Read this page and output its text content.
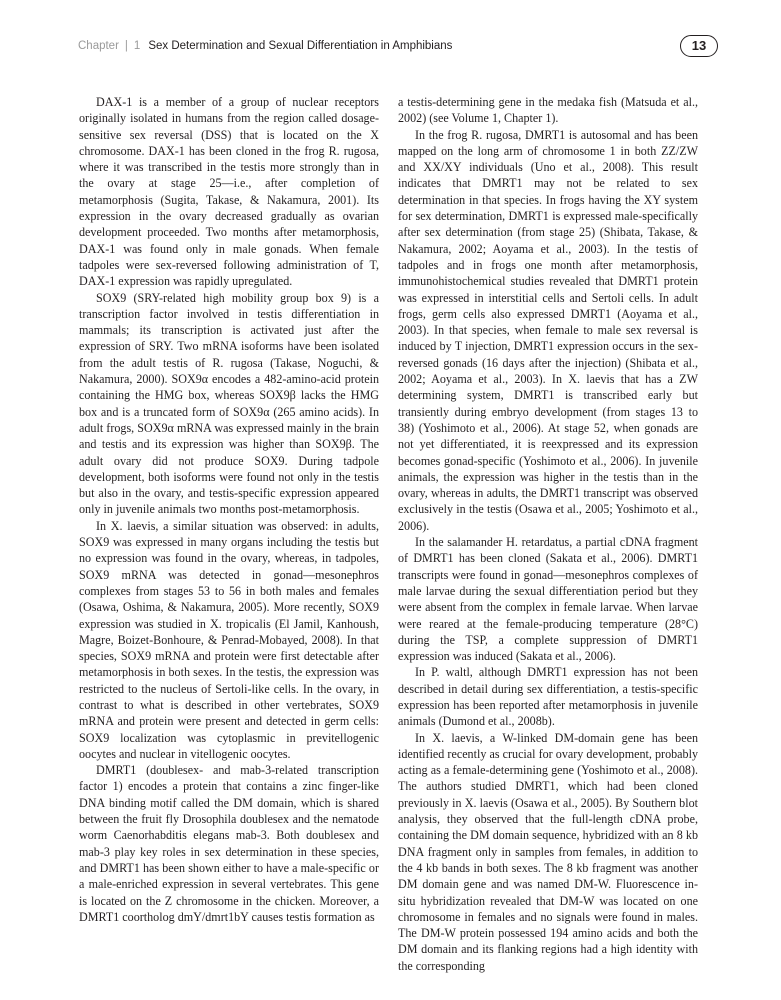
Chapter | 1 Sex Determination and Sexual Differentiation in Amphibians	13

DAX-1 is a member of a group of nuclear receptors originally isolated in humans from the region called dosage-sensitive sex reversal (DSS) that is located on the X chromosome. DAX-1 has been cloned in the frog R. rugosa, where it was transcribed in the testis more strongly than in the ovary at stage 25—i.e., after completion of metamorphosis (Sugita, Takase, & Nakamura, 2001). Its expression in the ovary decreased gradually as ovarian development proceeded. Two months after metamorphosis, DAX-1 was found only in male gonads. When female tadpoles were sex-reversed following administration of T, DAX-1 expression was rapidly upregulated.

SOX9 (SRY-related high mobility group box 9) is a transcription factor involved in testis differentiation in mammals; its transcription is activated just after the expression of SRY. Two mRNA isoforms have been isolated from the adult testis of R. rugosa (Takase, Noguchi, & Nakamura, 2000). SOX9α encodes a 482-amino-acid protein containing the HMG box, whereas SOX9β lacks the HMG box and is a truncated form of SOX9α (265 amino acids). In adult frogs, SOX9α mRNA was expressed mainly in the brain and testis and its expression was higher than SOX9β. The adult ovary did not produce SOX9. During tadpole development, both isoforms were found not only in the testis but also in the ovary, and testis-specific expression appeared only in juvenile animals two months post-metamorphosis.

In X. laevis, a similar situation was observed: in adults, SOX9 was expressed in many organs including the testis but no expression was found in the ovary, whereas, in tadpoles, SOX9 mRNA was detected in gonad—mesonephros complexes from stages 53 to 56 in both males and females (Osawa, Oshima, & Nakamura, 2005). More recently, SOX9 expression was studied in X. tropicalis (El Jamil, Kanhoush, Magre, Boizet-Bonhoure, & Penrad-Mobayed, 2008). In that species, SOX9 mRNA and protein were first detectable after metamorphosis in both sexes. In the testis, the expression was restricted to the nucleus of Sertoli-like cells. In the ovary, in contrast to what is described in other vertebrates, SOX9 mRNA and protein were present and detected in germ cells: SOX9 localization was cytoplasmic in previtellogenic oocytes and nuclear in vitellogenic oocytes.

DMRT1 (doublesex- and mab-3-related transcription factor 1) encodes a protein that contains a zinc finger-like DNA binding motif called the DM domain, which is shared between the fruit fly Drosophila doublesex and the nematode worm Caenorhabditis elegans mab-3. Both doublesex and mab-3 play key roles in sex determination in these species, and DMRT1 has been shown either to have a male-specific or a male-enriched expression in several vertebrates. This gene is located on the Z chromosome in the chicken. Moreover, a DMRT1 coortholog dmY/dmrt1bY causes testis formation as

a testis-determining gene in the medaka fish (Matsuda et al., 2002) (see Volume 1, Chapter 1).

In the frog R. rugosa, DMRT1 is autosomal and has been mapped on the long arm of chromosome 1 in both ZZ/ZW and XX/XY individuals (Uno et al., 2008). This result indicates that DMRT1 may not be related to sex determination in that species. In frogs having the XY system for sex determination, DMRT1 is expressed male-specifically after sex determination (from stage 25) (Shibata, Takase, & Nakamura, 2002; Aoyama et al., 2003). In the testis of tadpoles and in frogs one month after metamorphosis, immunohistochemical studies revealed that DMRT1 protein was expressed in interstitial cells and Sertoli cells. In adult frogs, germ cells also expressed DMRT1 (Aoyama et al., 2003). In that species, when female to male sex reversal is induced by T injection, DMRT1 expression occurs in the sex-reversed gonads (16 days after the injection) (Shibata et al., 2002; Aoyama et al., 2003). In X. laevis that has a ZW determining system, DMRT1 is transcribed early but transiently during embryo development (from stages 13 to 38) (Yoshimoto et al., 2006). At stage 52, when gonads are not yet differentiated, it is reexpressed and its expression becomes gonad-specific (Yoshimoto et al., 2006). In juvenile animals, the expression was higher in the testis than in the ovary, whereas in adults, the DMRT1 transcript was observed exclusively in the testis (Osawa et al., 2005; Yoshimoto et al., 2006).

In the salamander H. retardatus, a partial cDNA fragment of DMRT1 has been cloned (Sakata et al., 2006). DMRT1 transcripts were found in gonad—mesonephros complexes of male larvae during the sexual differentiation period but they were absent from the complex in female larvae. When larvae were reared at the female-producing temperature (28°C) during the TSP, a complete suppression of DMRT1 expression was induced (Sakata et al., 2006).

In P. waltl, although DMRT1 expression has not been described in detail during sex differentiation, a testis-specific expression has been reported after metamorphosis in juvenile animals (Dumond et al., 2008b).

In X. laevis, a W-linked DM-domain gene has been identified recently as crucial for ovary development, probably acting as a female-determining gene (Yoshimoto et al., 2008). The authors studied DMRT1, which had been cloned previously in X. laevis (Osawa et al., 2005). By Southern blot analysis, they observed that the full-length cDNA probe, containing the DM domain sequence, hybridized with an 8 kb DNA fragment only in samples from females, in addition to the 4 kb bands in both sexes. The 8 kb fragment was another DM domain gene and was named DM-W. Fluorescence in-situ hybridization revealed that DM-W was located on one chromosome in females and no signals were found in males. The DM-W protein possessed 194 amino acids and both the DM domain and its flanking regions had a high identity with the corresponding
